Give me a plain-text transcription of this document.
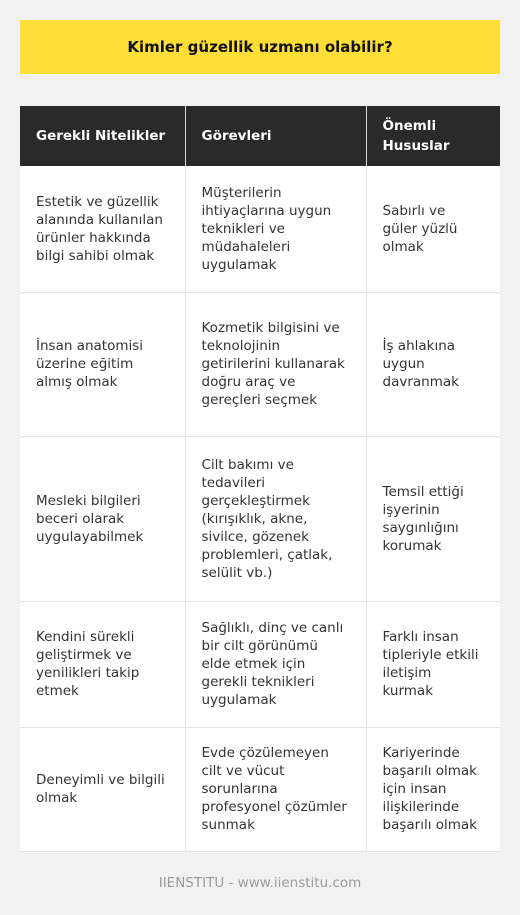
Kimler güzellik uzmanı olabilir?
Gerekli Nitelikler	Görevleri	Önemli Hususlar
Estetik ve güzellik alanında kullanılan ürünler hakkında bilgi sahibi olmak	Müşterilerin ihtiyaçlarına uygun teknikleri ve müdahaleleri uygulamak	Sabırlı ve güler yüzlü olmak
İnsan anatomisi üzerine eğitim almış olmak	Kozmetik bilgisini ve teknolojinin getirilerini kullanarak doğru araç ve gereçleri seçmek	İş ahlakına uygun davranmak
Mesleki bilgileri beceri olarak uygulayabilmek	Cilt bakımı ve tedavileri gerçekleştirmek (kırışıklık, akne, sivilce, gözenek problemleri, çatlak, selülit vb.)	Temsil ettiği işyerinin saygınlığını korumak
Kendini sürekli geliştirmek ve yenilikleri takip etmek	Sağlıklı, dinç ve canlı bir cilt görünümü elde etmek için gerekli teknikleri uygulamak	Farklı insan tipleriyle etkili iletişim kurmak
Deneyimli ve bilgili olmak	Evde çözülemeyen cilt ve vücut sorunlarına profesyonel çözümler sunmak	Kariyerinde başarılı olmak için insan ilişkilerinde başarılı olmak
IIENSTITU - www.iienstitu.com
